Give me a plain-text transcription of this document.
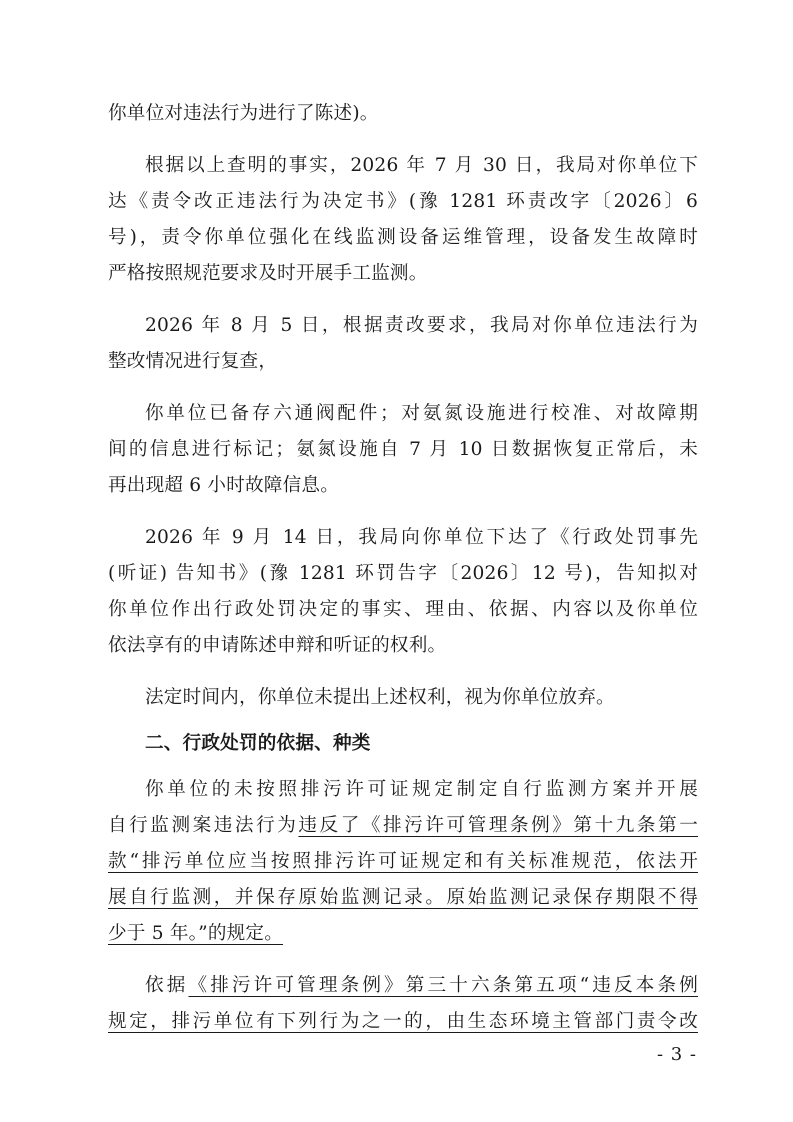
你单位对违法行为进行了陈述)。
根据以上查明的事实，2026 年 7 月 30 日，我局对你单位下
达《责令改正违法行为决定书》(豫 1281 环责改字〔2026〕6
号)，责令你单位强化在线监测设备运维管理，设备发生故障时
严格按照规范要求及时开展手工监测。
2026 年 8 月 5 日，根据责改要求，我局对你单位违法行为
整改情况进行复查，
你单位已备存六通阀配件；对氨氮设施进行校准、对故障期
间的信息进行标记；氨氮设施自 7 月 10 日数据恢复正常后，未
再出现超 6 小时故障信息。
2026 年 9 月 14 日，我局向你单位下达了《行政处罚事先
(听证) 告知书》(豫 1281 环罚告字〔2026〕12 号)，告知拟对
你单位作出行政处罚决定的事实、理由、依据、内容以及你单位
依法享有的申请陈述申辩和听证的权利。
法定时间内，你单位未提出上述权利，视为你单位放弃。
二、行政处罚的依据、种类
你单位的未按照排污许可证规定制定自行监测方案并开展
自行监测案违法行为违反了《排污许可管理条例》第十九条第一
款“排污单位应当按照排污许可证规定和有关标准规范，依法开
展自行监测，并保存原始监测记录。原始监测记录保存期限不得
少于 5 年。”的规定。
依据《排污许可管理条例》第三十六条第五项“违反本条例
规定，排污单位有下列行为之一的，由生态环境主管部门责令改
- 3 -
